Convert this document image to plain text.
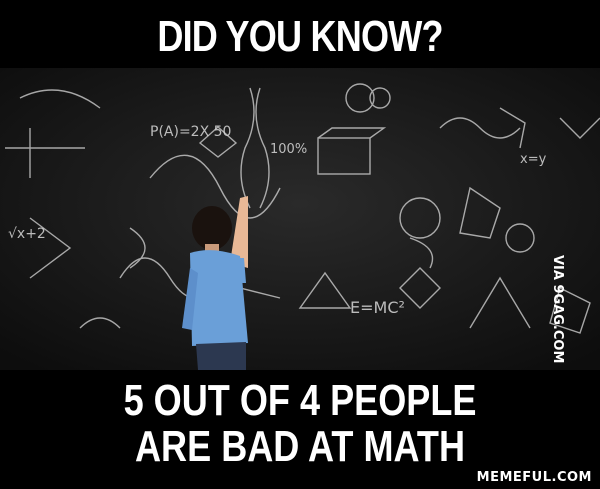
DID YOU KNOW?
P(A)=2X 50
E=MC²
100%
x=y
√x+2
VIA 9GAG.COM
5 OUT OF 4 PEOPLE
ARE BAD AT MATH
MEMEFUL.COM
